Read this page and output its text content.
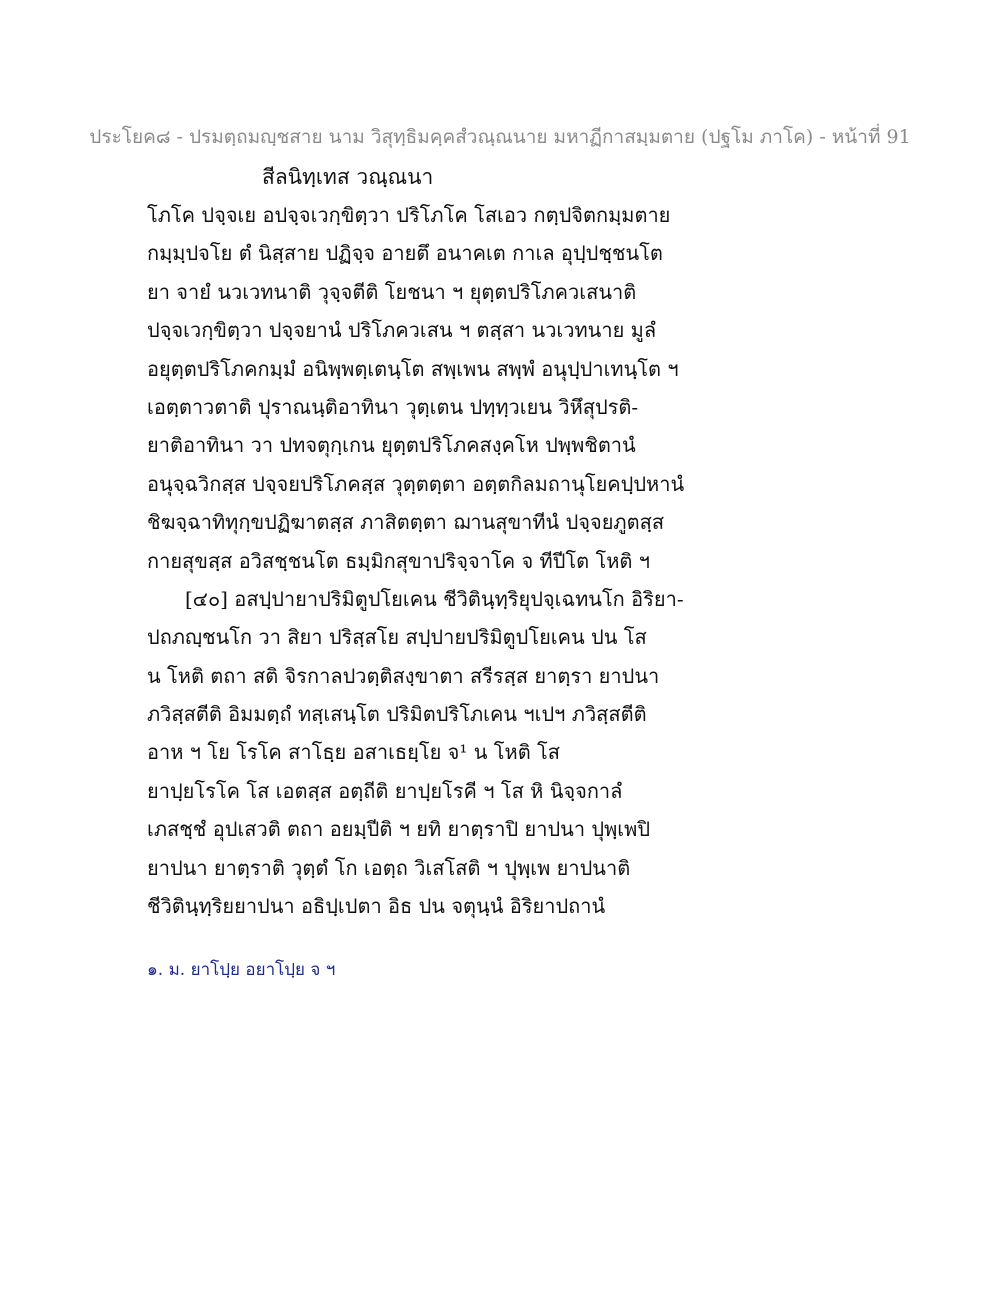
ประโยค๘ - ปรมตฺถมญฺชสาย นาม วิสุทฺธิมคฺคสํวณฺณนาย มหาฏีกาสมฺมตาย (ปฐโม ภาโค) - หน้าที่ 91
สีลนิทฺเทส วณฺณนา
โภโค ปจฺจเย อปจฺจเวกฺขิตฺวา ปริโภโค โสเอว กตฺปจิตกมฺมตาย
กมฺมฺปจโย ตํ นิสฺสาย ปฏิจฺจ อายตึ อนาคเต กาเล อุปฺปชฺชนโต
ยา จายํ นวเวทนาติ วุจฺจตีติ โยชนา ฯ ยุตฺตปริโภควเสนาติ
ปจฺจเวกฺขิตฺวา ปจฺจยานํ ปริโภควเสน ฯ ตสฺสา นวเวทนาย มูลํ
อยุตฺตปริโภคกมฺมํ อนิพฺพตฺเตนฺโต สพฺเพน สพฺพํ อนุปฺปาเทนฺโต ฯ
เอตฺตาวตาติ ปุราณนฺติอาทินา วุตฺเตน ปทฺทฺวเยน วิหึสุปรติ-
ยาติอาทินา วา ปทจตุกฺเกน ยุตฺตปริโภคสงฺคโห ปพฺพชิตานํ
อนุจฺฉวิกสฺส ปจฺจยปริโภคสฺส วุตฺตตฺตา อตฺตกิลมถานุโยคปฺปหานํ
ชิฆจฺฉาทิทุกฺขปฏิฆาตสฺส ภาสิตตฺตา ฌานสุขาทีนํ ปจฺจยภูตสฺส
กายสุขสฺส อวิสชฺชนโต ธมฺมิกสุขาปริจฺจาโค จ ทีปีโต โหติ ฯ
[๔๐] อสปฺปายาปริมิตูปโยเคน ชีวิตินฺทฺริยุปจฺเฉทนโก อิริยา-
ปถภญฺชนโก วา สิยา ปริสฺสโย สปฺปายปริมิตูปโยเคน ปน โส
น โหติ ตถา สติ จิรกาลปวตฺติสงฺขาตา สรีรสฺส ยาตฺรา ยาปนา
ภวิสฺสตีติ อิมมตฺถํ ทสฺเสนฺโต ปริมิตปริโภเคน ฯเปฯ ภวิสฺสตีติ
อาห ฯ โย โรโค สาโธฺย อสาเธยฺโย จ¹ น โหติ โส
ยาปฺยโรโค โส เอตสฺส อตฺถีติ ยาปฺยโรคี ฯ โส หิ นิจฺจกาลํ
เภสชฺชํ อุปเสวติ ตถา อยมฺปีติ ฯ ยทิ ยาตฺราปิ ยาปนา ปุพฺเพปิ
ยาปนา ยาตฺราติ วุตฺตํ โก เอตฺถ วิเสโสติ ฯ ปุพฺเพ ยาปนาติ
ชีวิตินฺทฺริยยาปนา อธิปฺเปตา อิธ ปน จตุนฺนํ อิริยาปถานํ
๑. ม. ยาโปฺย อยาโปฺย จ ฯ
